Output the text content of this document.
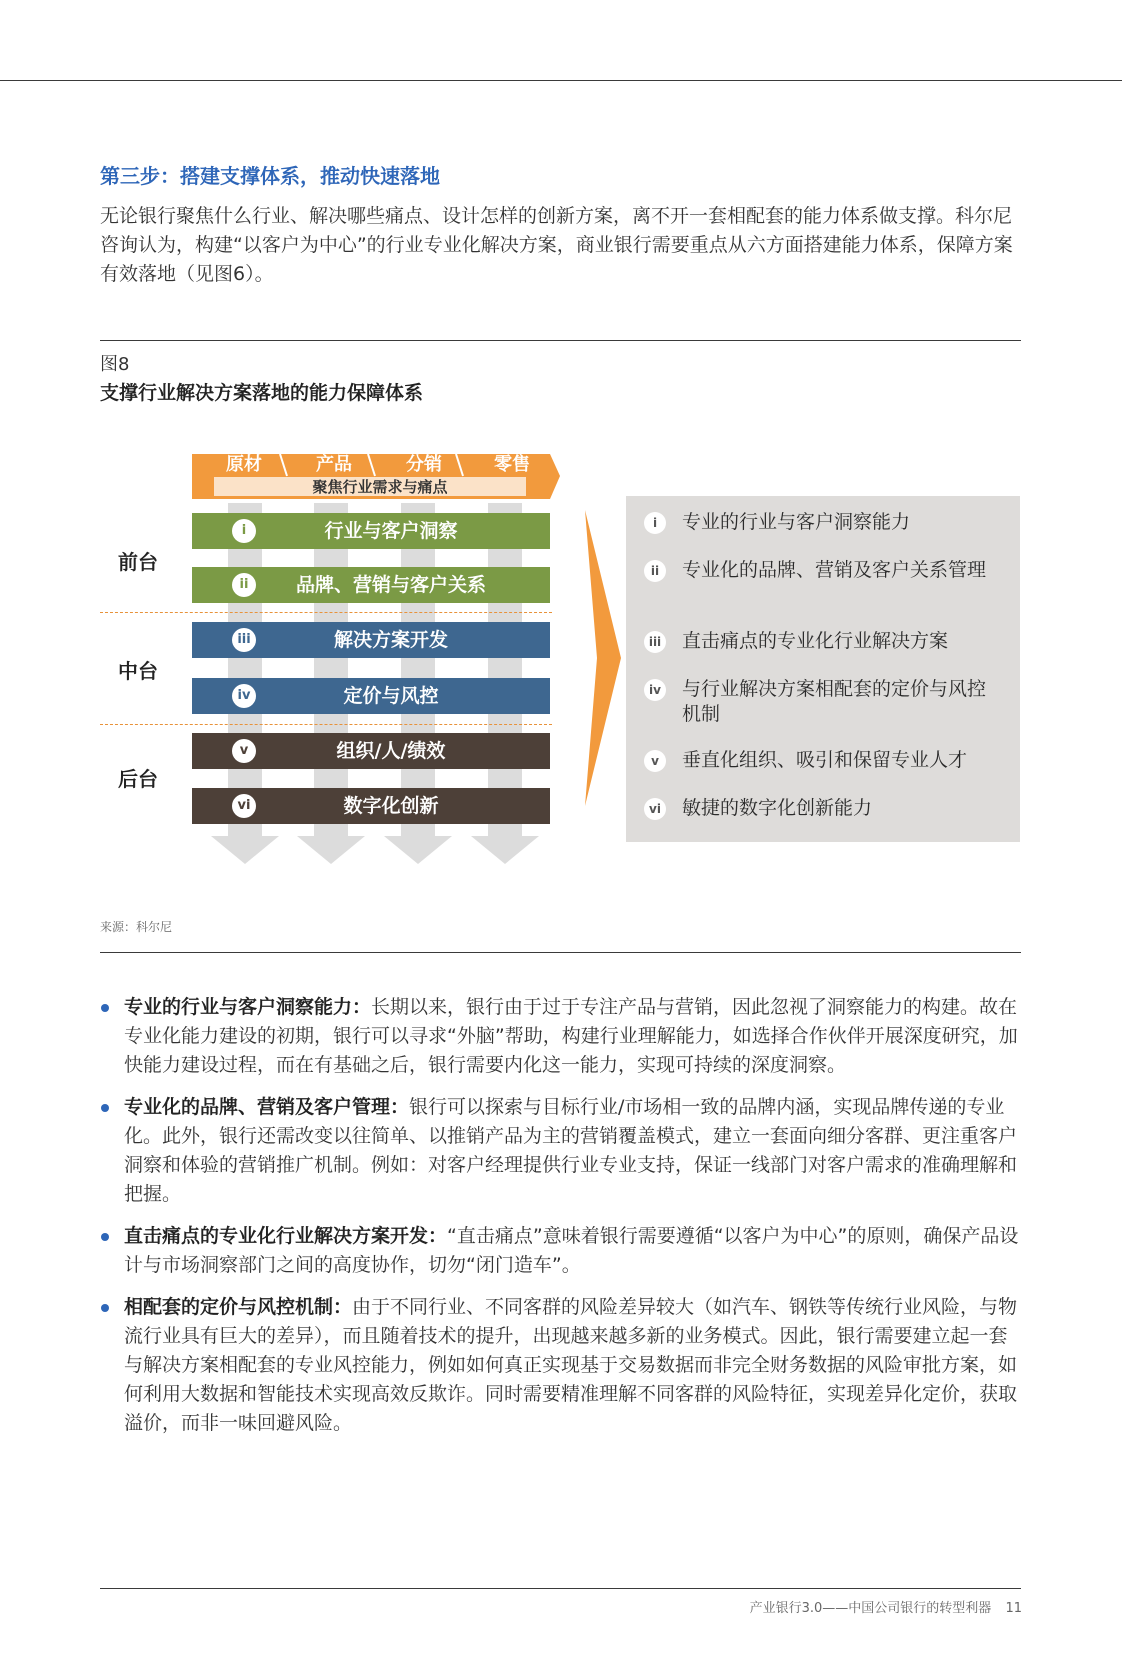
第三步：搭建支撑体系，推动快速落地
无论银行聚焦什么行业、解决哪些痛点、设计怎样的创新方案，离不开一套相配套的能力体系做支撑。科尔尼咨询认为，构建“以客户为中心”的行业专业化解决方案，商业银行需要重点从六方面搭建能力体系，保障方案有效落地（见图6）。
图8
支撑行业解决方案落地的能力保障体系
原材	产品	分销	零售
聚焦行业需求与痛点
前台
中台
后台
i	行业与客户洞察
ii	品牌、营销与客户关系
iii	解决方案开发
iv	定价与风控
v	组织/人/绩效
vi	数字化创新
i	专业的行业与客户洞察能力
ii	专业化的品牌、营销及客户关系管理
iii 直击痛点的专业化行业解决方案
iv 与行业解决方案相配套的定价与风控机制
v	垂直化组织、吸引和保留专业人才
vi 敏捷的数字化创新能力
来源：科尔尼
专业的行业与客户洞察能力：长期以来，银行由于过于专注产品与营销，因此忽视了洞察能力的构建。故在专业化能力建设的初期，银行可以寻求“外脑”帮助，构建行业理解能力，如选择合作伙伴开展深度研究，加快能力建设过程，而在有基础之后，银行需要内化这一能力，实现可持续的深度洞察。
专业化的品牌、营销及客户管理：银行可以探索与目标行业/市场相一致的品牌内涵，实现品牌传递的专业化。此外，银行还需改变以往简单、以推销产品为主的营销覆盖模式，建立一套面向细分客群、更注重客户洞察和体验的营销推广机制。例如：对客户经理提供行业专业支持，保证一线部门对客户需求的准确理解和把握。
直击痛点的专业化行业解决方案开发：“直击痛点”意味着银行需要遵循“以客户为中心”的原则，确保产品设计与市场洞察部门之间的高度协作，切勿“闭门造车”。
相配套的定价与风控机制：由于不同行业、不同客群的风险差异较大（如汽车、钢铁等传统行业风险，与物流行业具有巨大的差异），而且随着技术的提升，出现越来越多新的业务模式。因此，银行需要建立起一套与解决方案相配套的专业风控能力，例如如何真正实现基于交易数据而非完全财务数据的风险审批方案，如何利用大数据和智能技术实现高效反欺诈。同时需要精准理解不同客群的风险特征，实现差异化定价，获取溢价，而非一味回避风险。
产业银行3.0——中国公司银行的转型利器 11
